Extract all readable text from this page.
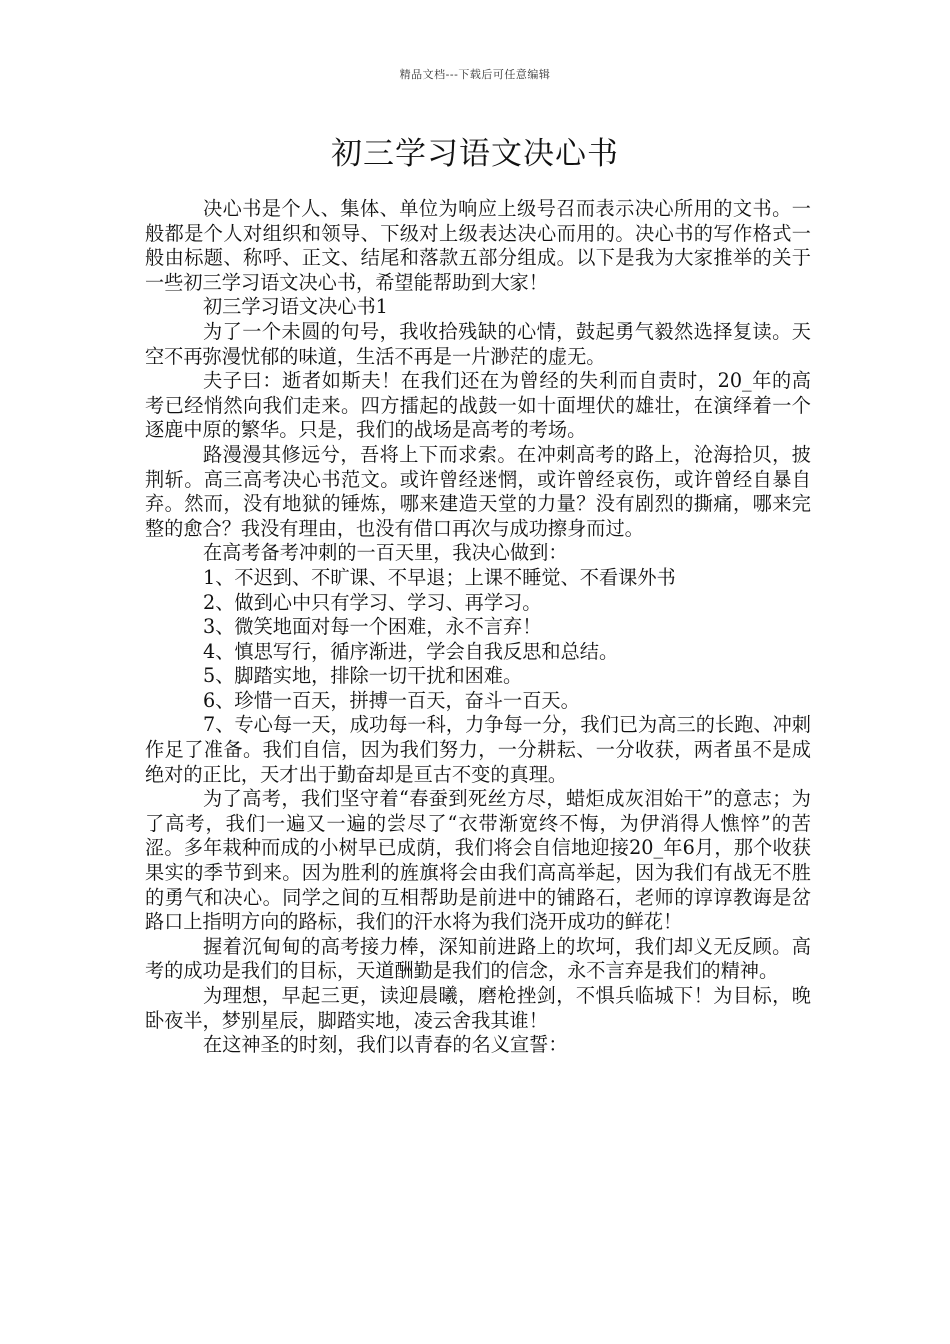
精品文档---下载后可任意编辑
初三学习语文决心书

决心书是个人、集体、单位为响应上级号召而表示决心所用的文书。一般都是个人对组织和领导、下级对上级表达决心而用的。决心书的写作格式一般由标题、称呼、正文、结尾和落款五部分组成。以下是我为大家推举的关于一些初三学习语文决心书，希望能帮助到大家！

初三学习语文决心书1

为了一个未圆的句号，我收拾残缺的心情，鼓起勇气毅然选择复读。天空不再弥漫忧郁的味道，生活不再是一片渺茫的虚无。

夫子曰：逝者如斯夫！在我们还在为曾经的失利而自责时，20_年的高考已经悄然向我们走来。四方擂起的战鼓一如十面埋伏的雄壮，在演绎着一个逐鹿中原的繁华。只是，我们的战场是高考的考场。

路漫漫其修远兮，吾将上下而求索。在冲刺高考的路上，沧海拾贝，披荆斩。高三高考决心书范文。或许曾经迷惘，或许曾经哀伤，或许曾经自暴自弃。然而，没有地狱的锤炼，哪来建造天堂的力量？没有剧烈的撕痛，哪来完整的愈合？我没有理由，也没有借口再次与成功擦身而过。

在高考备考冲刺的一百天里，我决心做到：

1、不迟到、不旷课、不早退；上课不睡觉、不看课外书

2、做到心中只有学习、学习、再学习。

3、微笑地面对每一个困难，永不言弃！

4、慎思写行，循序渐进，学会自我反思和总结。

5、脚踏实地，排除一切干扰和困难。

6、珍惜一百天，拼搏一百天，奋斗一百天。

7、专心每一天，成功每一科，力争每一分，我们已为高三的长跑、冲刺作足了准备。我们自信，因为我们努力，一分耕耘、一分收获，两者虽不是成绝对的正比，天才出于勤奋却是亘古不变的真理。

为了高考，我们坚守着“春蚕到死丝方尽，蜡炬成灰泪始干”的意志；为了高考，我们一遍又一遍的尝尽了“衣带渐宽终不悔，为伊消得人憔悴”的苦涩。多年栽种而成的小树早已成荫，我们将会自信地迎接20_年6月，那个收获果实的季节到来。因为胜利的旌旗将会由我们高高举起，因为我们有战无不胜的勇气和决心。同学之间的互相帮助是前进中的铺路石，老师的谆谆教诲是岔路口上指明方向的路标，我们的汗水将为我们浇开成功的鲜花！

握着沉甸甸的高考接力棒，深知前进路上的坎坷，我们却义无反顾。高考的成功是我们的目标，天道酬勤是我们的信念，永不言弃是我们的精神。

为理想，早起三更，读迎晨曦，磨枪挫剑，不惧兵临城下！为目标，晚卧夜半，梦别星辰，脚踏实地，凌云舍我其谁！

在这神圣的时刻，我们以青春的名义宣誓：
